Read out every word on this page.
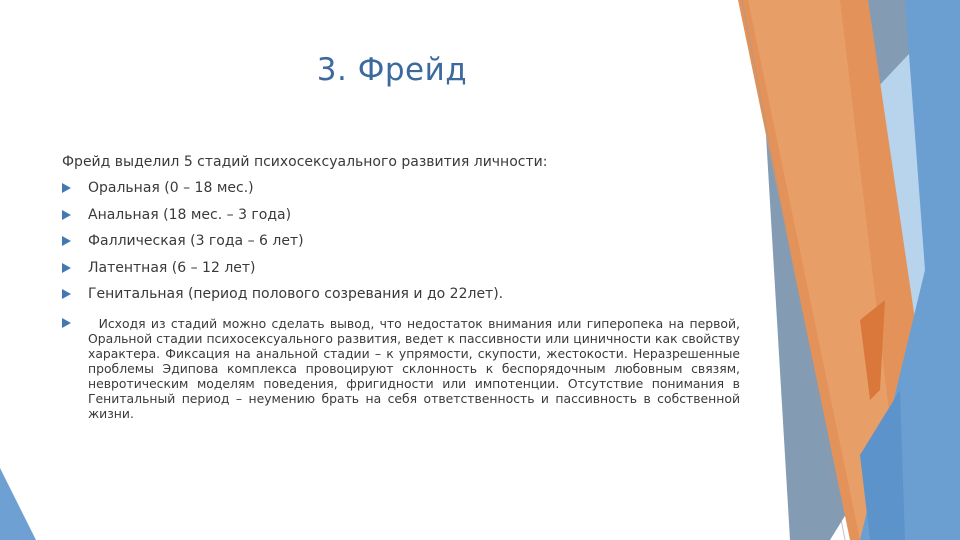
3. Фрейд

Фрейд выделил 5 стадий психосексуального развития личности:

Оральная (0 – 18 мес.)
Анальная (18 мес. – 3 года)
Фаллическая (3 года – 6 лет)
Латентная (6 – 12 лет)
Генитальная (период полового созревания и до 22лет).
Исходя из стадий можно сделать вывод, что недостаток внимания или гиперопека на первой, Оральной стадии психосексуального развития, ведет к пассивности или циничности как свойству характера. Фиксация на анальной стадии – к упрямости, скупости, жестокости. Неразрешенные проблемы Эдипова комплекса провоцируют склонность к беспорядочным любовным связям, невротическим моделям поведения, фригидности или импотенции. Отсутствие понимания в Генитальный период – неумению брать на себя ответственность и пассивность в собственной жизни.
